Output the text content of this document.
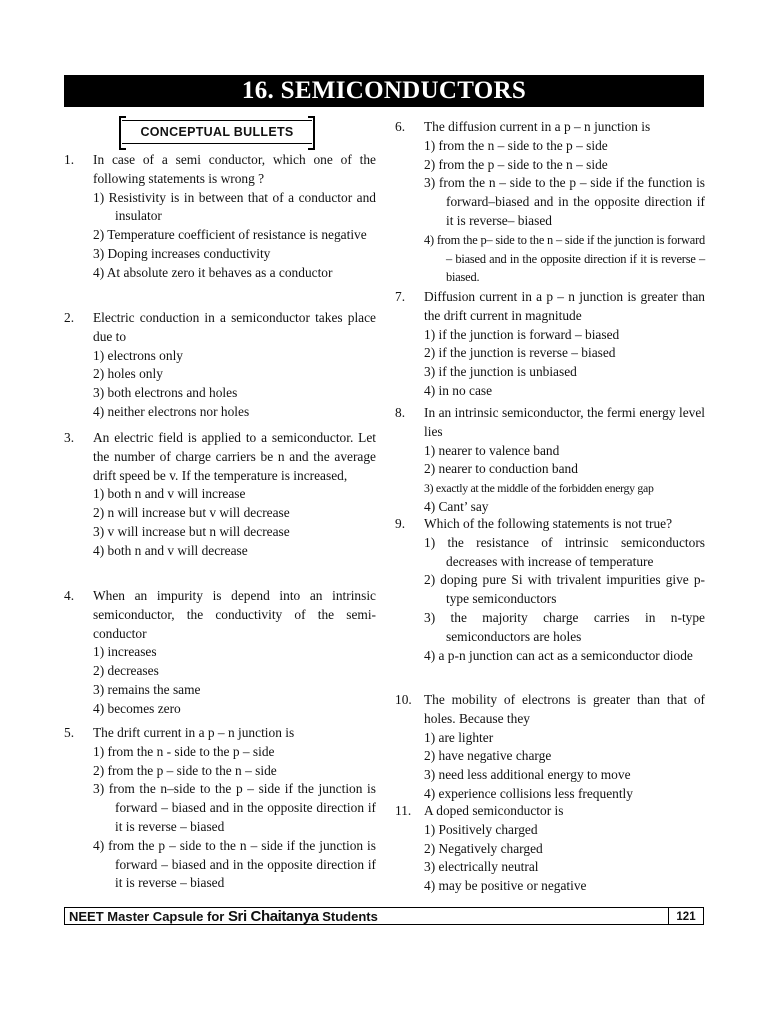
16. SEMICONDUCTORS
CONCEPTUAL BULLETS
1. In case of a semi conductor, which one of the following statements is wrong ?
1) Resistivity is in between that of a conductor and insulator
2) Temperature coefficient of resistance is negative
3) Doping increases conductivity
4) At absolute zero it behaves as a conductor
2. Electric conduction in a semiconductor takes place due to
1) electrons only
2) holes only
3) both electrons and holes
4) neither electrons nor holes
3. An electric field is applied to a semiconductor. Let the number of charge carriers be n and the average drift speed be v. If the temperature is increased,
1) both n and v will increase
2) n will increase but v will decrease
3) v will increase but n will decrease
4) both n and v will decrease
4. When an impurity is depend into an intrinsic semiconductor, the conductivity of the semi-conductor
1) increases
2) decreases
3) remains the same
4) becomes zero
5. The drift current in a p – n junction is
1) from the n - side to the p – side
2) from the p – side to the n – side
3) from the n–side to the p – side if the junction is forward – biased and in the opposite direction if it is reverse – biased
4) from the p – side to the n – side if the junction is forward – biased and in the opposite direction if it is reverse – biased
6. The diffusion current in a p – n junction is
1) from the n – side to the p – side
2) from the p – side to the n – side
3) from the n – side to the p – side if the function is forward–biased and in the opposite direction if it is reverse– biased
4) from the p– side to the n – side if the junction is forward – biased and in the opposite direction if it is reverse – biased.
7. Diffusion current in a p – n junction is greater than the drift current in magnitude
1) if the junction is forward – biased
2) if the junction is reverse – biased
3) if the junction is unbiased
4) in no case
8. In an intrinsic semiconductor, the fermi energy level lies
1) nearer to valence band
2) nearer to conduction band
3) exactly at the middle of the forbidden energy gap
4) Cant’ say
9. Which of the following statements is not true?
1) the resistance of intrinsic semiconductors decreases with increase of temperature
2) doping pure Si with trivalent impurities give p-type semiconductors
3) the majority charge carries in n-type semiconductors are holes
4) a p-n junction can act as a semiconductor diode
10. The mobility of electrons is greater than that of holes. Because they
1) are lighter
2) have negative charge
3) need less additional energy to move
4) experience collisions less frequently
11. A doped semiconductor is
1) Positively charged
2) Negatively charged
3) electrically neutral
4) may be positive or negative
NEET Master Capsule for Sri Chaitanya Students	121
